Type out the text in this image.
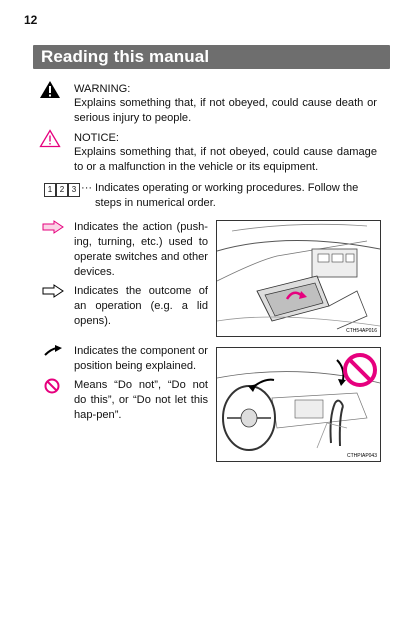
12
Reading this manual
WARNING:
Explains something that, if not obeyed, could cause death or serious injury to people.
NOTICE:
Explains something that, if not obeyed, could cause damage to or a malfunction in the vehicle or its equipment.
1 2 3 ··· Indicates operating or working procedures. Follow the steps in numerical order.
Indicates the action (push-ing, turning, etc.) used to operate switches and other devices.
Indicates the outcome of an operation (e.g. a lid opens).
CTH54AP016
Indicates the component or position being explained.
Means “Do not”, “Do not do this”, or “Do not let this hap-pen”.
CTHPIAP043
